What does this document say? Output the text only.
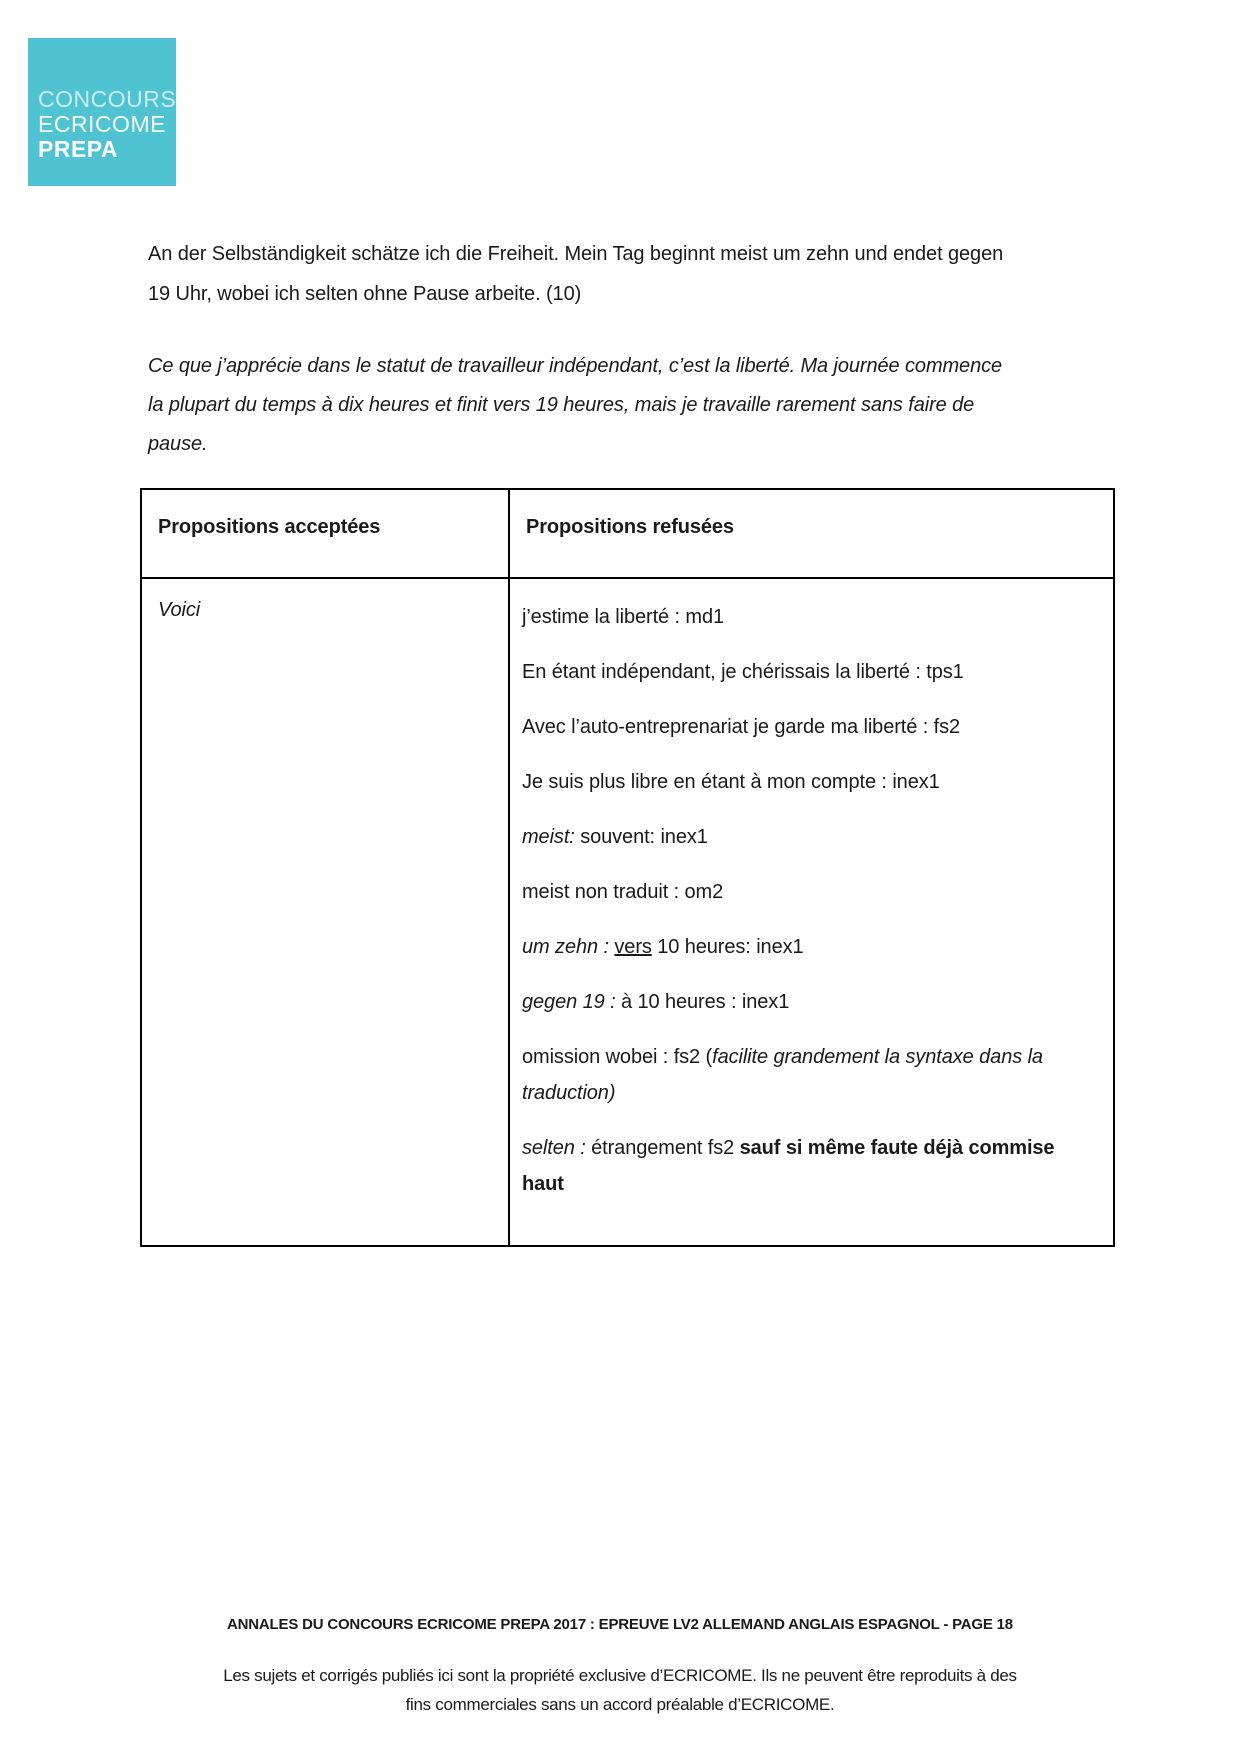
CONCOURS
ECRICOME
PREPA
An der Selbständigkeit schätze ich die Freiheit. Mein Tag beginnt meist um zehn und endet gegen
19 Uhr, wobei ich selten ohne Pause arbeite. (10)
Ce que j’apprécie dans le statut de travailleur indépendant, c’est la liberté. Ma journée commence
la plupart du temps à dix heures et finit vers 19 heures, mais je travaille rarement sans faire de
pause.
Propositions acceptées	Propositions refusées
Voici	j’estime la liberté : md1
En étant indépendant, je chérissais la liberté : tps1
Avec l’auto-entreprenariat je garde ma liberté : fs2
Je suis plus libre en étant à mon compte : inex1
meist: souvent: inex1
meist non traduit : om2
um zehn : vers 10 heures: inex1
gegen 19 : à 10 heures : inex1
omission wobei : fs2 (facilite grandement la syntaxe dans la
traduction)
selten : étrangement fs2 sauf si même faute déjà commise
haut
ANNALES DU CONCOURS ECRICOME PREPA 2017 : EPREUVE LV2 ALLEMAND ANGLAIS ESPAGNOL - PAGE 18
Les sujets et corrigés publiés ici sont la propriété exclusive d’ECRICOME. Ils ne peuvent être reproduits à des
fins commerciales sans un accord préalable d’ECRICOME.
